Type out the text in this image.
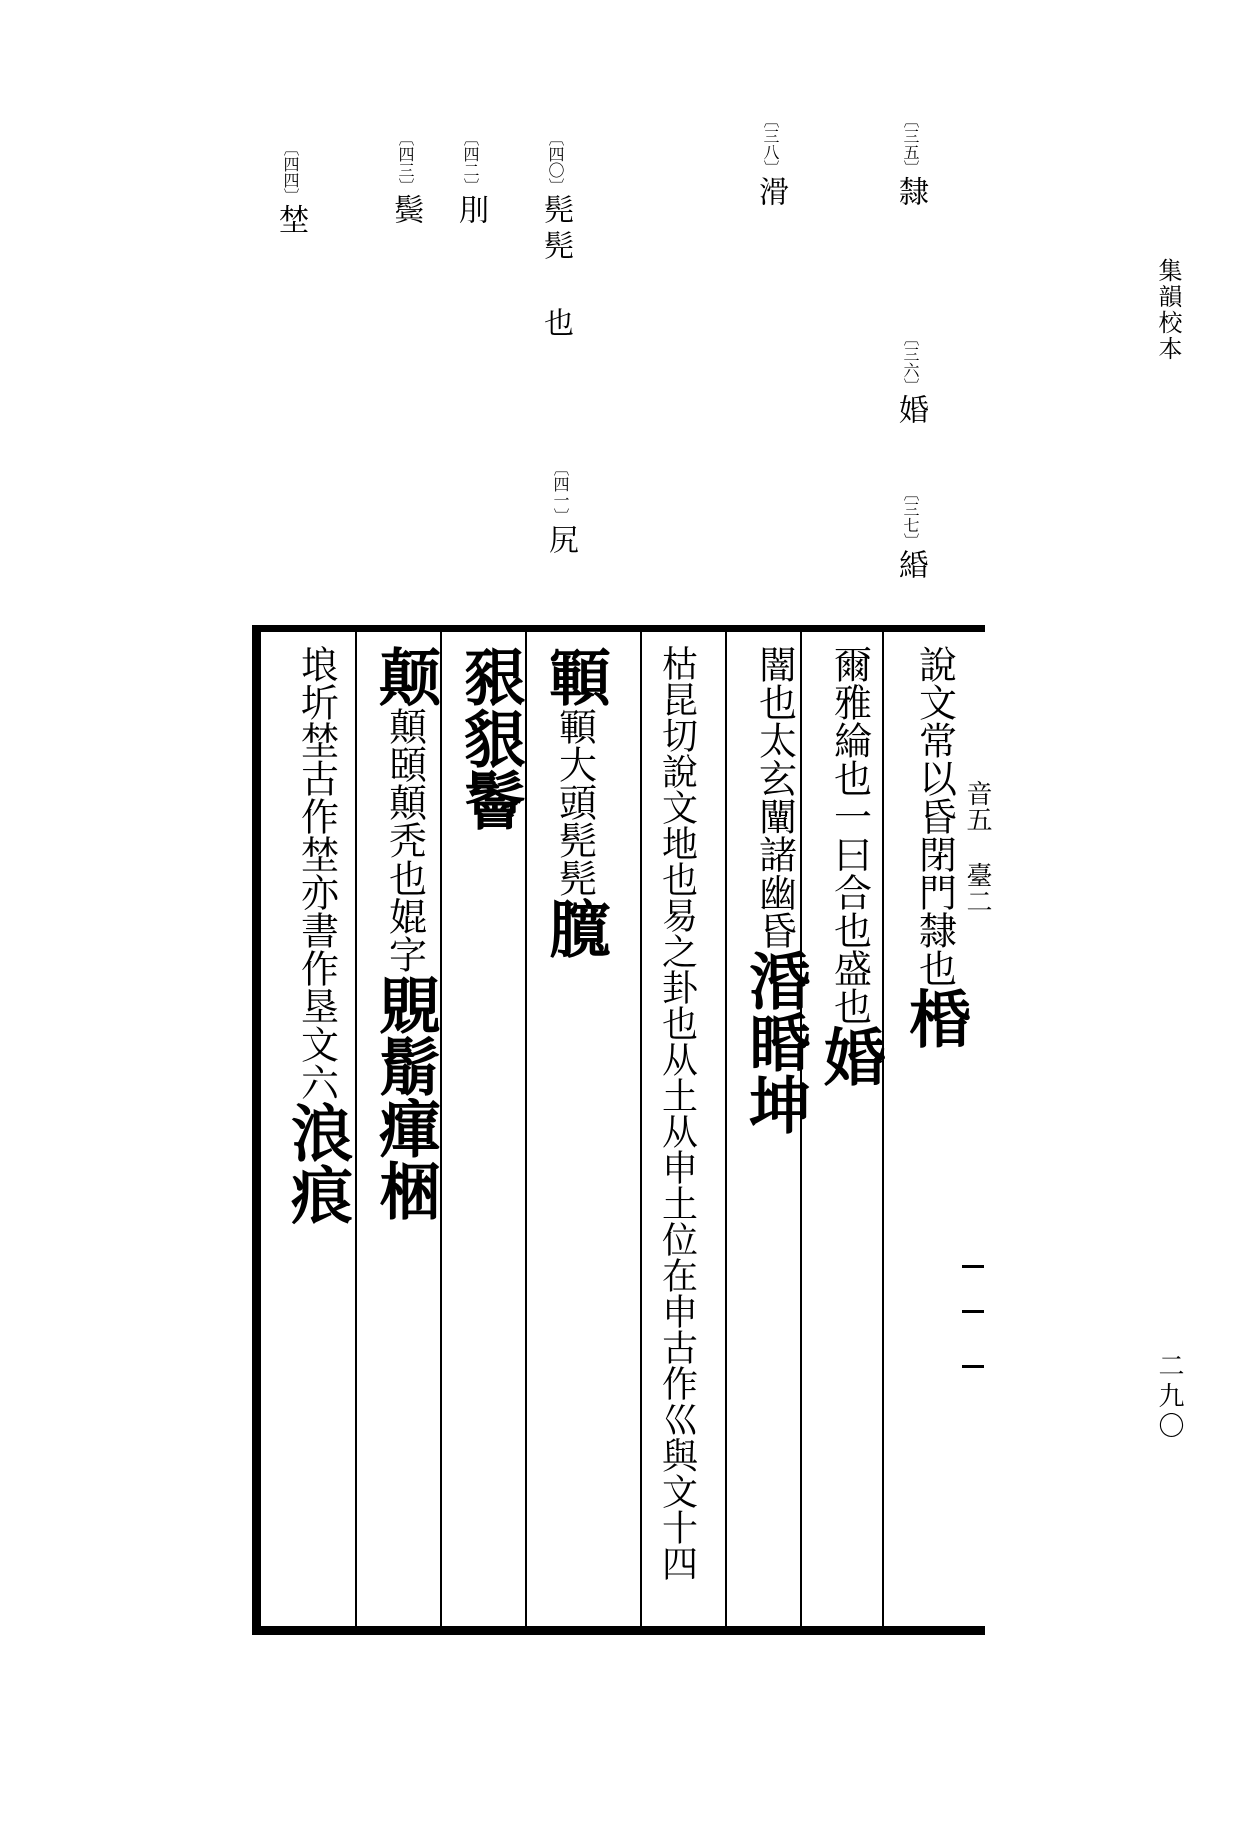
集韻校本
二九〇
〔三五〕隸
〔三六〕婚
〔三七〕緍
〔三八〕滑
〔四〇〕髡髡 也
〔四一〕尻
〔四二〕刖
〔四三〕鬓
〔四四〕埜
音五 臺二
說文常以昏閉門隸也棔
爾雅綸也一曰合也盛也婚
闇也太玄闡諸幽昏涽睧坤
枯昆切說文地也易之卦也从土从申土位在申古作巛與文十四
顐顐大頭髡髡臗
豤貇鬠
颠顛頣顛秃也婫字覞鬅瘒梱
埌圻埜古作埜亦書作垦文六浪痕
